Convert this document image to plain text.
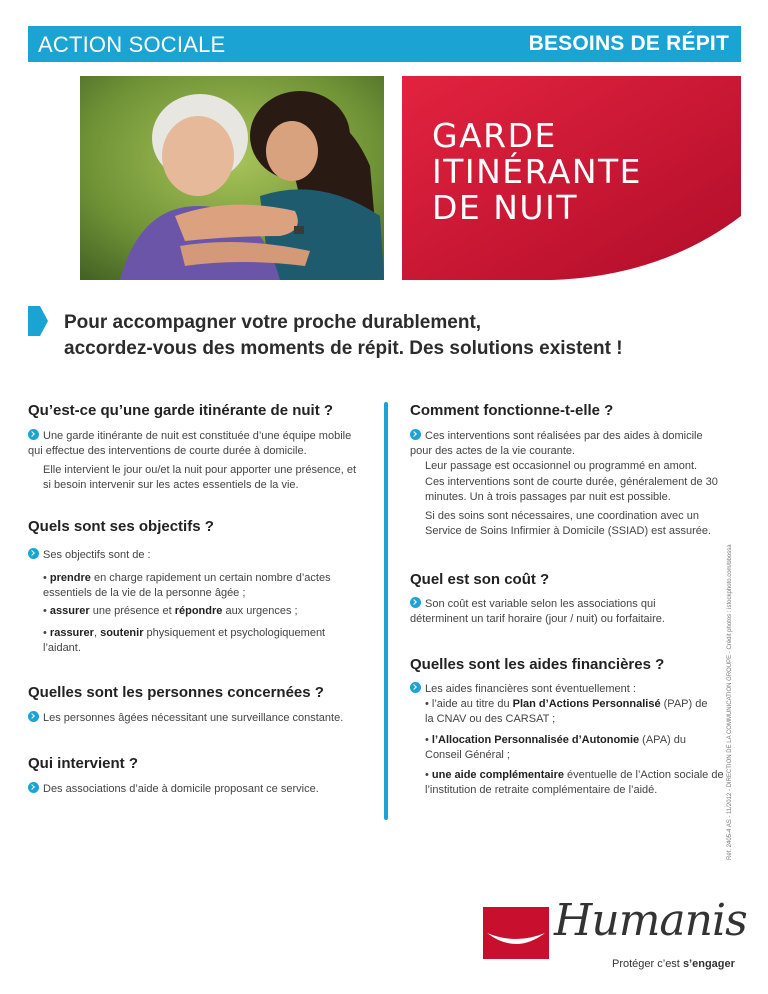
ACTION SOCIALE	BESOINS DE RÉPIT
GARDE
ITINÉRANTE
DE NUIT
Pour accompagner votre proche durablement,
accordez-vous des moments de répit. Des solutions existent !
Qu’est-ce qu’une garde itinérante de nuit ?
Une garde itinérante de nuit est constituée d’une équipe mobile qui effectue des interventions de courte durée à domicile.
Elle intervient le jour ou/et la nuit pour apporter une présence, et si besoin intervenir sur les actes essentiels de la vie.
Quels sont ses objectifs ?
Ses objectifs sont de :
• prendre en charge rapidement un certain nombre d’actes essentiels de la vie de la personne âgée ;
• assurer une présence et répondre aux urgences ;
• rassurer, soutenir physiquement et psychologiquement l’aidant.
Quelles sont les personnes concernées ?
Les personnes âgées nécessitant une surveillance constante.
Qui intervient ?
Des associations d’aide à domicile proposant ce service.
Comment fonctionne-t-elle ?
Ces interventions sont réalisées par des aides à domicile pour des actes de la vie courante.
Leur passage est occasionnel ou programmé en amont.
Ces interventions sont de courte durée, généralement de 30 minutes. Un à trois passages par nuit est possible.
Si des soins sont nécessaires, une coordination avec un Service de Soins Infirmier à Domicile (SSIAD) est assurée.
Quel est son coût ?
Son coût est variable selon les associations qui déterminent un tarif horaire (jour / nuit) ou forfaitaire.
Quelles sont les aides financières ?
Les aides financières sont éventuellement :
• l’aide au titre du Plan d’Actions Personnalisé (PAP) de la CNAV ou des CARSAT ;
• l’Allocation Personnalisée d’Autonomie (APA) du Conseil Général ;
• une aide complémentaire éventuelle de l’Action sociale de l’institution de retraite complémentaire de l’aidé.	Réf. 2405-4 AS - 11/2012 - DIRECTION DE LA COMMUNICATION GROUPE - Crédit photos : istockphoto.com/bbossa
Humanis
Protéger c’est s’engager
